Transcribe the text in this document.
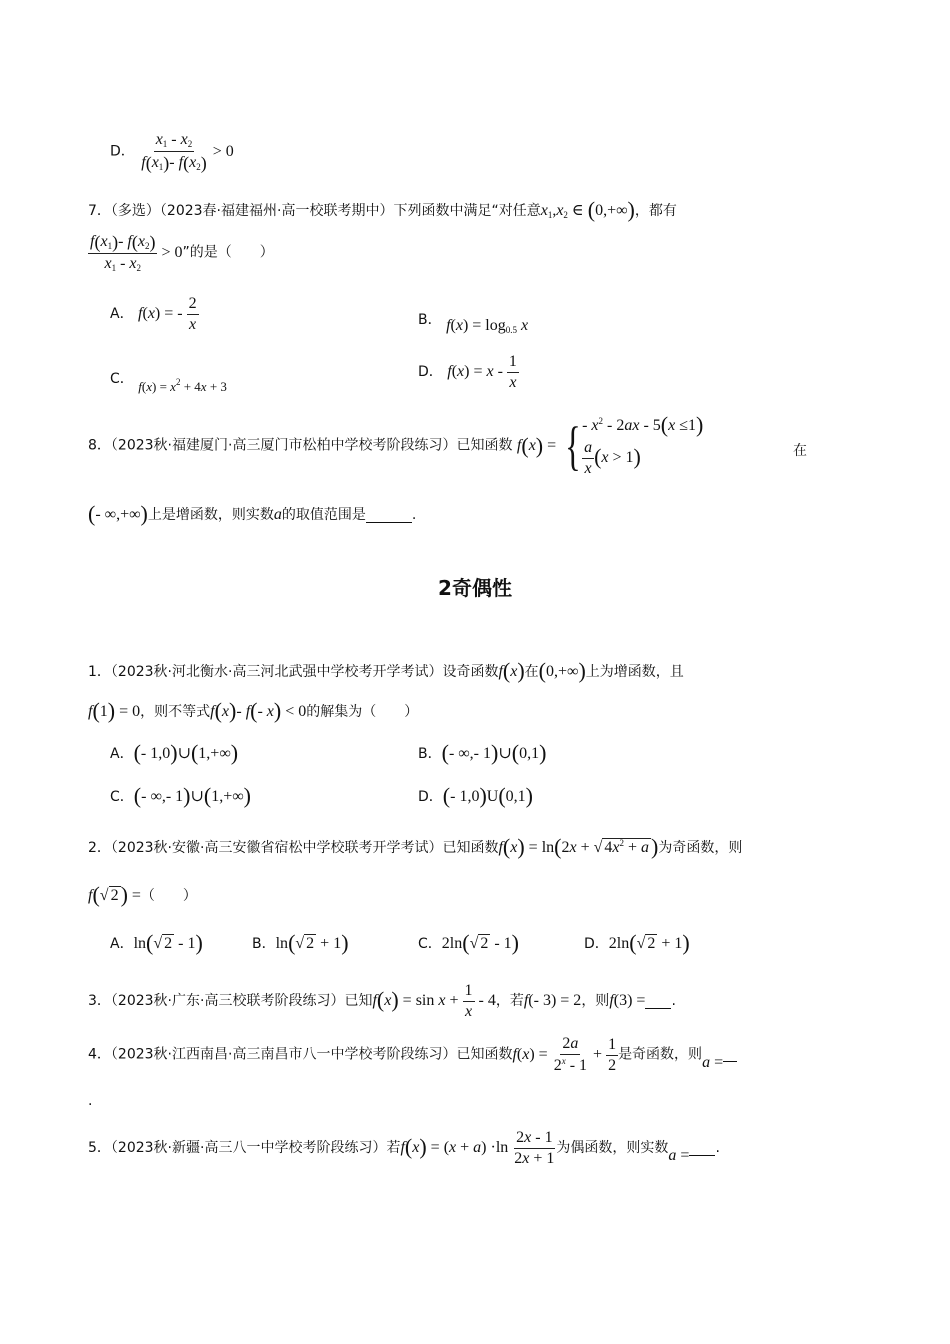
D． $\frac{x_1 - x_2}{f(x_1)- f(x_2)} > 0$
7．（多选）（2023春·福建福州·高一校联考期中）下列函数中满足“对任意$x_1,x_2$ ∈ (0,+∞)，都有
$\frac{f(x_1)- f(x_2)}{x_1 - x_2} > 0$”的是（　　）
A． f(x) = - $\frac{2}{x}$	B． $f(x) = \log_{0.5} x$
C． $f(x) = x^2 + 4x + 3$
D． $f(x) = x - \frac{1}{x}$
8．（2023秋·福建厦门·高三厦门市松柏中学校考阶段练习）已知函数 f ( x ) = { - $x^2 - 2ax - 5(x \le 1)$
$\frac{a}{x} (x > 1)$	在
(- ∞,+∞)上是增函数，则实数a的取值范围是	.
2奇偶性
1．（2023秋·河北衡水·高三河北武强中学校考开学考试）设奇函数f(x)在(0,+∞)上为增函数，且
f(1) = 0，则不等式f(x)- f(- x) < 0的解集为（　　）
A．(- 1,0)∪(1,+∞)	B．(- ∞,- 1)∪(0,1)
C．(- ∞,- 1)∪(1,+∞)	D．(- 1,0)U(0,1)
2．（2023秋·安徽·高三安徽省宿松中学校联考开学考试）已知函数f(x) = ln(2x + √ $4x^2 + a$)为奇函数，则
f(√ 2) =（　　）
A．ln(√ 2 - 1)	B．ln(√ 2 + 1)	C．2ln(√ 2 - 1)	D．2ln(√ 2 + 1)
3．（2023秋·广东·高三校联考阶段练习）已知$f(x) = \sin x + \frac{1}{x} - 4$，若f(- 3) = 2，则f(3) = .
4．（2023秋·江西南昌·高三南昌市八一中学校考阶段练习）已知函数$f(x) = \frac{2a}{2^x - 1} + \frac{1}{2}$ 是奇函数，则a =
.
5．（2023秋·新疆·高三八一中学校考阶段练习）若$f(x) = (x + a) \cdot\ln \frac{2x - 1}{2x + 1}$ 为偶函数，则实数a = .
